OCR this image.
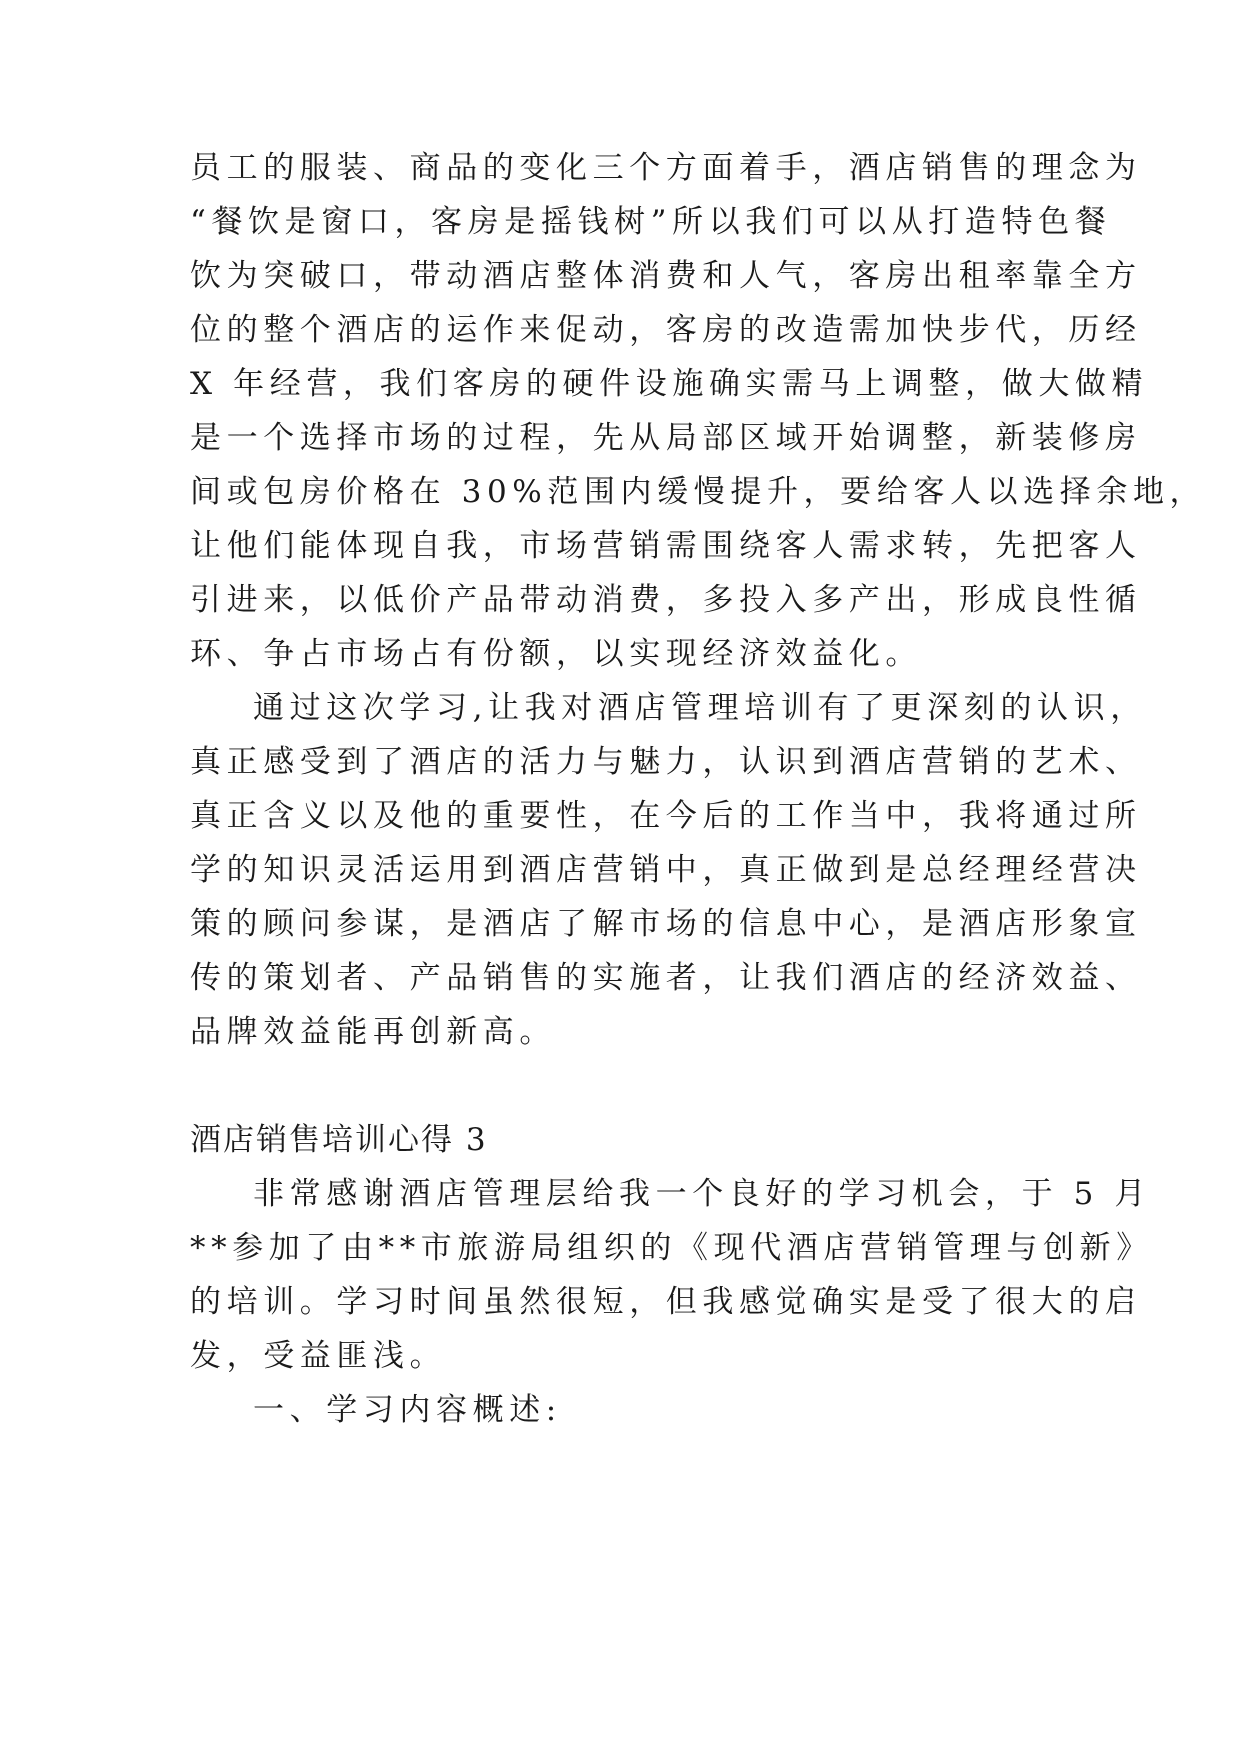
员工的服装、商品的变化三个方面着手，酒店销售的理念为
“餐饮是窗口，客房是摇钱树”所以我们可以从打造特色餐
饮为突破口，带动酒店整体消费和人气，客房出租率靠全方
位的整个酒店的运作来促动，客房的改造需加快步代，历经
X 年经营，我们客房的硬件设施确实需马上调整，做大做精
是一个选择市场的过程，先从局部区域开始调整，新装修房
间或包房价格在 30%范围内缓慢提升，要给客人以选择余地，
让他们能体现自我，市场营销需围绕客人需求转，先把客人
引进来，以低价产品带动消费，多投入多产出，形成良性循
环、争占市场占有份额，以实现经济效益化。
通过这次学习,让我对酒店管理培训有了更深刻的认识，
真正感受到了酒店的活力与魅力，认识到酒店营销的艺术、
真正含义以及他的重要性，在今后的工作当中，我将通过所
学的知识灵活运用到酒店营销中，真正做到是总经理经营决
策的顾问参谋，是酒店了解市场的信息中心，是酒店形象宣
传的策划者、产品销售的实施者，让我们酒店的经济效益、
品牌效益能再创新高。
酒店销售培训心得 3
非常感谢酒店管理层给我一个良好的学习机会，于 5 月
**参加了由**市旅游局组织的《现代酒店营销管理与创新》
的培训。学习时间虽然很短，但我感觉确实是受了很大的启
发，受益匪浅。
一、学习内容概述:
